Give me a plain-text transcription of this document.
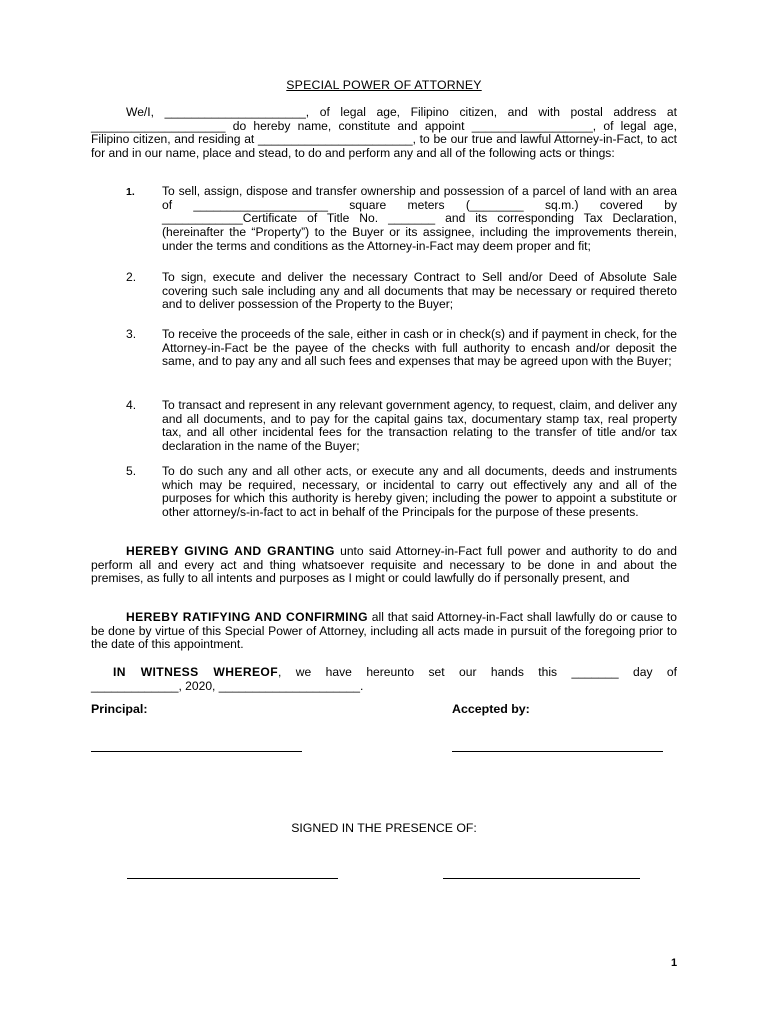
SPECIAL POWER OF ATTORNEY

We/I, _____________________, of legal age, Filipino citizen, and with postal address at ____________________ do hereby name, constitute and appoint __________________, of legal age, Filipino citizen, and residing at _______________________, to be our true and lawful Attorney-in-Fact, to act for and in our name, place and stead, to do and perform any and all of the following acts or things:

1.	To sell, assign, dispose and transfer ownership and possession of a parcel of land with an area of ____________________ square meters (________ sq.m.) covered by ____________Certificate of Title No. _______ and its corresponding Tax Declaration, (hereinafter the “Property”) to the Buyer or its assignee, including the improvements therein, under the terms and conditions as the Attorney-in-Fact may deem proper and fit;

2.	To sign, execute and deliver the necessary Contract to Sell and/or Deed of Absolute Sale covering such sale including any and all documents that may be necessary or required thereto and to deliver possession of the Property to the Buyer;

3.	To receive the proceeds of the sale, either in cash or in check(s) and if payment in check, for the Attorney-in-Fact be the payee of the checks with full authority to encash and/or deposit the same, and to pay any and all such fees and expenses that may be agreed upon with the Buyer;

4.	To transact and represent in any relevant government agency, to request, claim, and deliver any and all documents, and to pay for the capital gains tax, documentary stamp tax, real property tax, and all other incidental fees for the transaction relating to the transfer of title and/or tax declaration in the name of the Buyer;

5.	To do such any and all other acts, or execute any and all documents, deeds and instruments which may be required, necessary, or incidental to carry out effectively any and all of the purposes for which this authority is hereby given; including the power to appoint a substitute or other attorney/s-in-fact to act in behalf of the Principals for the purpose of these presents.

HEREBY GIVING AND GRANTING unto said Attorney-in-Fact full power and authority to do and perform all and every act and thing whatsoever requisite and necessary to be done in and about the premises, as fully to all intents and purposes as I might or could lawfully do if personally present, and

HEREBY RATIFYING AND CONFIRMING all that said Attorney-in-Fact shall lawfully do or cause to be done by virtue of this Special Power of Attorney, including all acts made in pursuit of the foregoing prior to the date of this appointment.

IN WITNESS WHEREOF, we have hereunto set our hands this _______ day of
_____________, 2020, _____________________.
Principal:	Accepted by:
SIGNED IN THE PRESENCE OF:
1
